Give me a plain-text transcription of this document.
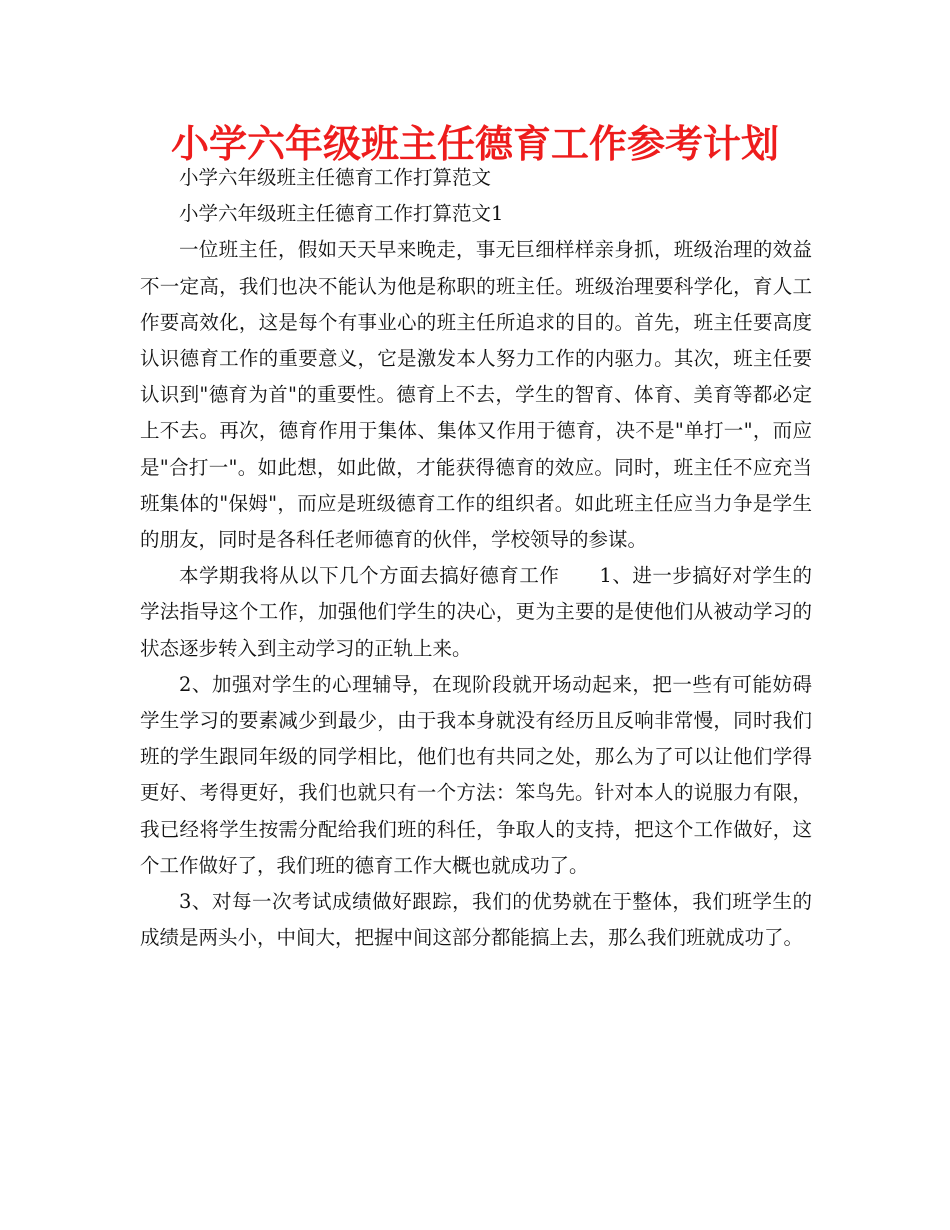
小学六年级班主任德育工作参考计划

小学六年级班主任德育工作打算范文

小学六年级班主任德育工作打算范文1

一位班主任，假如天天早来晚走，事无巨细样样亲身抓，班级治理的效益不一定高，我们也决不能认为他是称职的班主任。班级治理要科学化，育人工作要高效化，这是每个有事业心的班主任所追求的目的。首先，班主任要高度认识德育工作的重要意义，它是激发本人努力工作的内驱力。其次，班主任要认识到"德育为首"的重要性。德育上不去，学生的智育、体育、美育等都必定上不去。再次，德育作用于集体、集体又作用于德育，决不是"单打一"，而应是"合打一"。如此想，如此做，才能获得德育的效应。同时，班主任不应充当班集体的"保姆"，而应是班级德育工作的组织者。如此班主任应当力争是学生的朋友，同时是各科任老师德育的伙伴，学校领导的参谋。

本学期我将从以下几个方面去搞好德育工作　　1、进一步搞好对学生的学法指导这个工作，加强他们学生的决心，更为主要的是使他们从被动学习的状态逐步转入到主动学习的正轨上来。

2、加强对学生的心理辅导，在现阶段就开场动起来，把一些有可能妨碍学生学习的要素减少到最少，由于我本身就没有经历且反响非常慢，同时我们班的学生跟同年级的同学相比，他们也有共同之处，那么为了可以让他们学得更好、考得更好，我们也就只有一个方法：笨鸟先。针对本人的说服力有限，我已经将学生按需分配给我们班的科任，争取人的支持，把这个工作做好，这个工作做好了，我们班的德育工作大概也就成功了。

3、对每一次考试成绩做好跟踪，我们的优势就在于整体，我们班学生的成绩是两头小，中间大，把握中间这部分都能搞上去，那么我们班就成功了。
